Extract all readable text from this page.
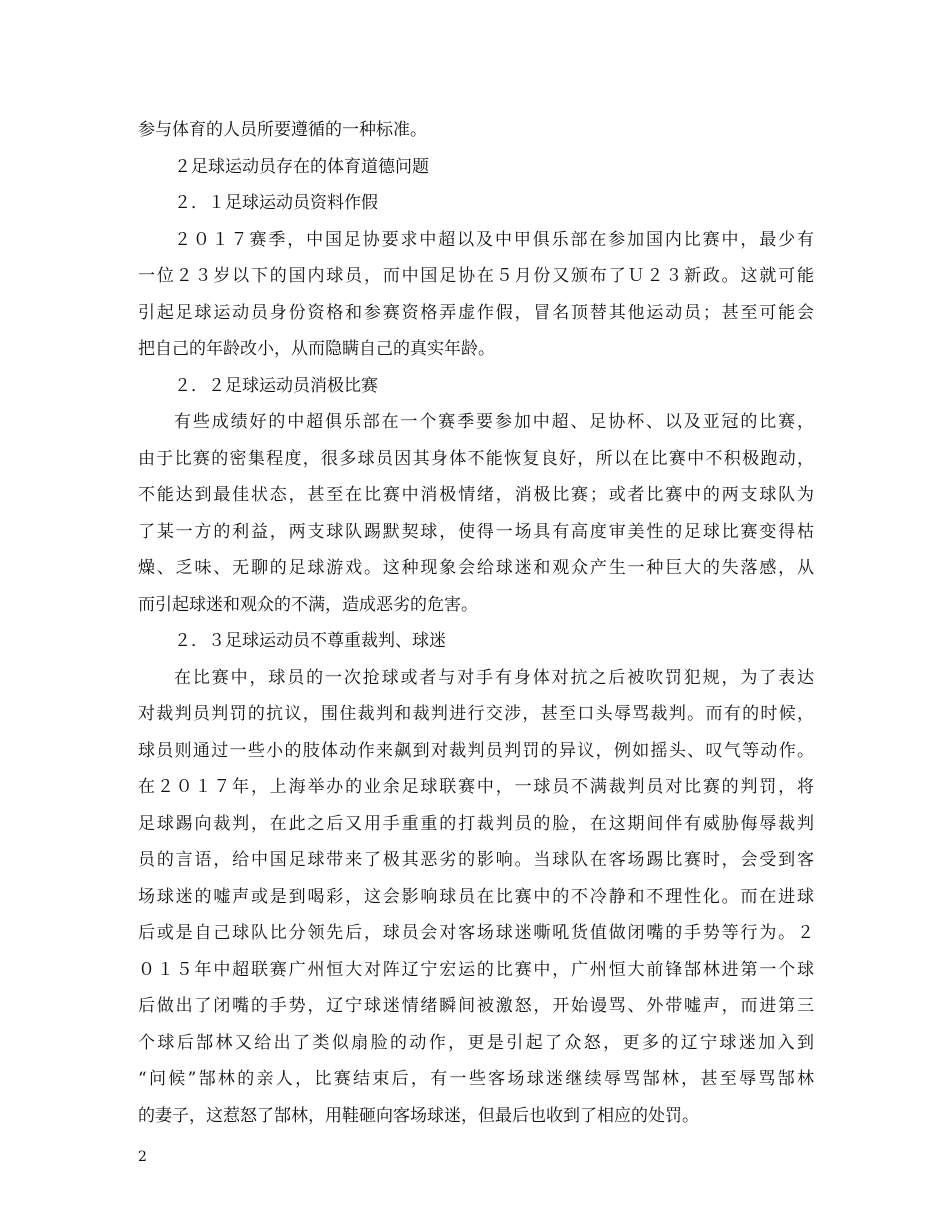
参与体育的人员所要遵循的一种标准。
２足球运动员存在的体育道德问题
２．１足球运动员资料作假
２０１７赛季，中国足协要求中超以及中甲俱乐部在参加国内比赛中，最少有
一位２３岁以下的国内球员，而中国足协在５月份又颁布了Ｕ２３新政。这就可能
引起足球运动员身份资格和参赛资格弄虚作假，冒名顶替其他运动员；甚至可能会
把自己的年龄改小，从而隐瞒自己的真实年龄。
２．２足球运动员消极比赛
有些成绩好的中超俱乐部在一个赛季要参加中超、足协杯、以及亚冠的比赛，
由于比赛的密集程度，很多球员因其身体不能恢复良好，所以在比赛中不积极跑动，
不能达到最佳状态，甚至在比赛中消极情绪，消极比赛；或者比赛中的两支球队为
了某一方的利益，两支球队踢默契球，使得一场具有高度审美性的足球比赛变得枯
燥、乏味、无聊的足球游戏。这种现象会给球迷和观众产生一种巨大的失落感，从
而引起球迷和观众的不满，造成恶劣的危害。
２．３足球运动员不尊重裁判、球迷
在比赛中，球员的一次抢球或者与对手有身体对抗之后被吹罚犯规，为了表达
对裁判员判罚的抗议，围住裁判和裁判进行交涉，甚至口头辱骂裁判。而有的时候，
球员则通过一些小的肢体动作来飙到对裁判员判罚的异议，例如摇头、叹气等动作。
在２０１７年，上海举办的业余足球联赛中，一球员不满裁判员对比赛的判罚，将
足球踢向裁判，在此之后又用手重重的打裁判员的脸，在这期间伴有威胁侮辱裁判
员的言语，给中国足球带来了极其恶劣的影响。当球队在客场踢比赛时，会受到客
场球迷的嘘声或是到喝彩，这会影响球员在比赛中的不冷静和不理性化。而在进球
后或是自己球队比分领先后，球员会对客场球迷嘶吼货值做闭嘴的手势等行为。２
０１５年中超联赛广州恒大对阵辽宁宏运的比赛中，广州恒大前锋郜林进第一个球
后做出了闭嘴的手势，辽宁球迷情绪瞬间被激怒，开始谩骂、外带嘘声，而进第三
个球后郜林又给出了类似扇脸的动作，更是引起了众怒，更多的辽宁球迷加入到
“问候”郜林的亲人，比赛结束后，有一些客场球迷继续辱骂郜林，甚至辱骂郜林
的妻子，这惹怒了郜林，用鞋砸向客场球迷，但最后也收到了相应的处罚。
2
